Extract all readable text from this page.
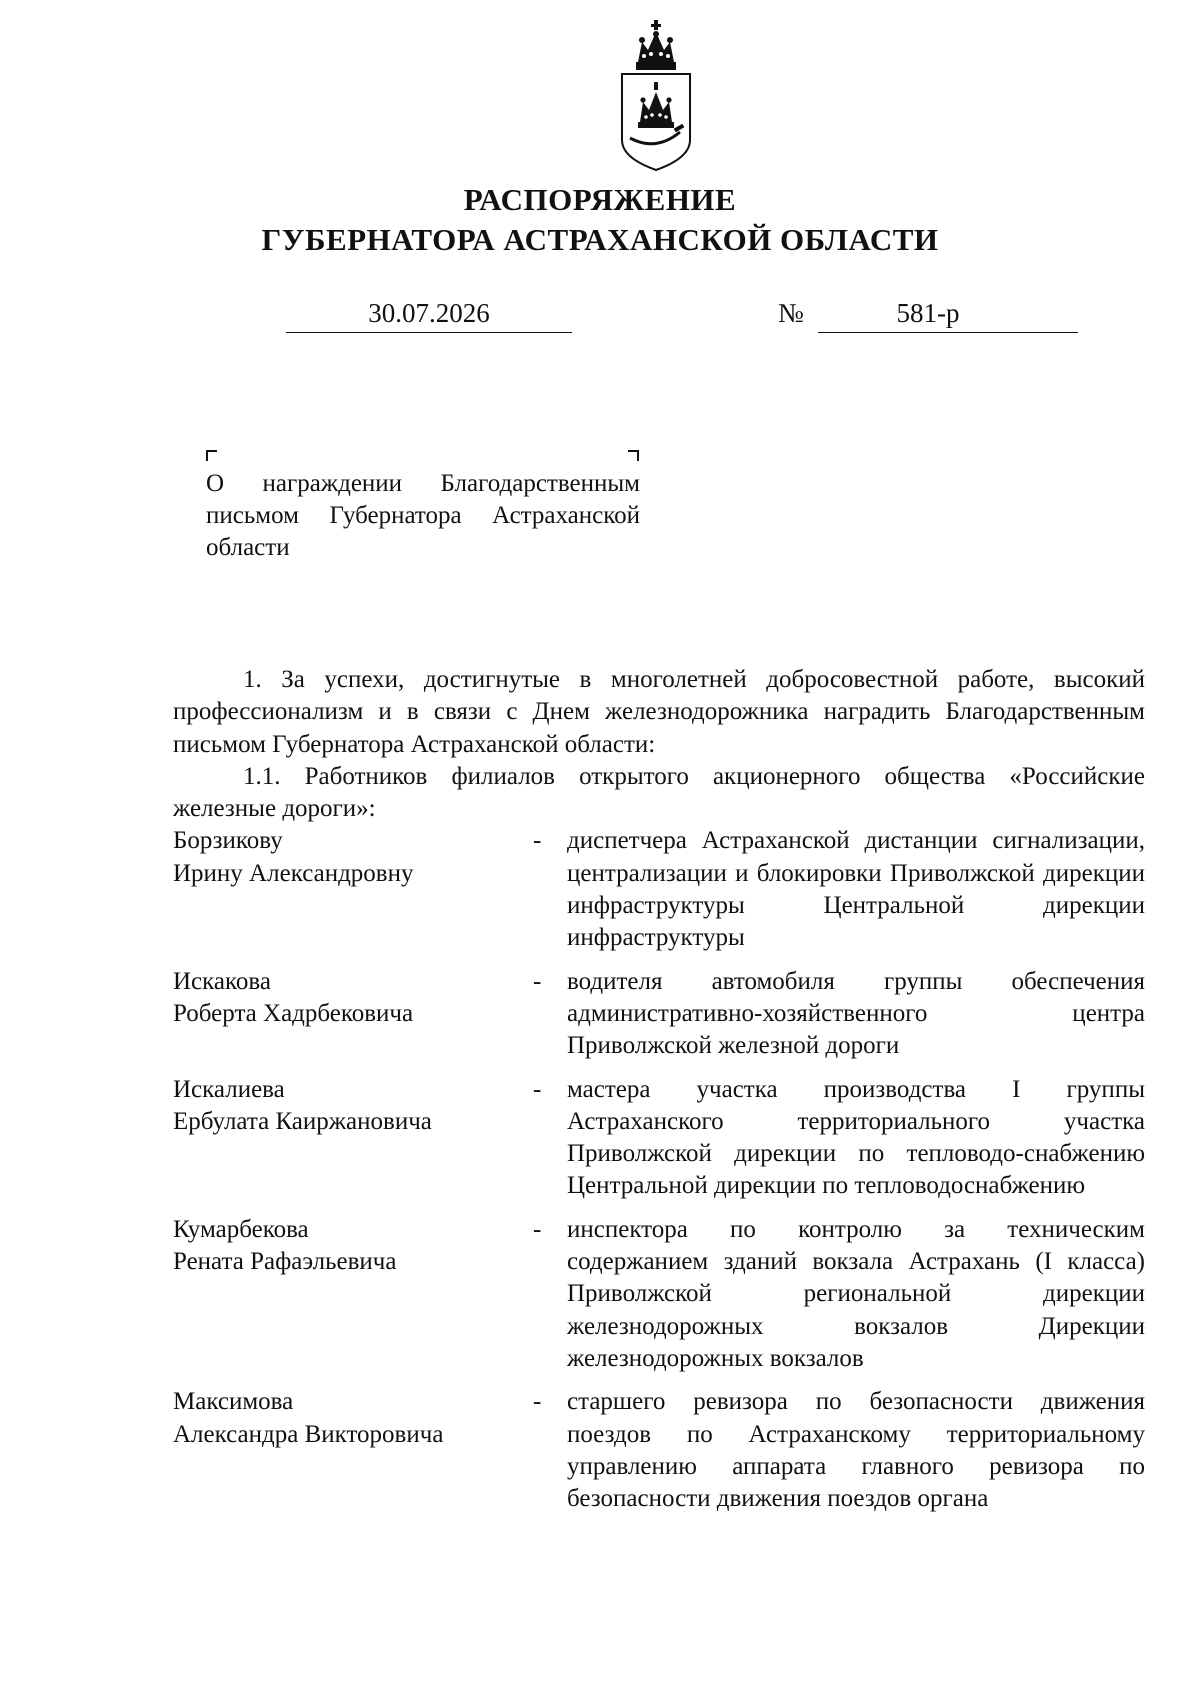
РАСПОРЯЖЕНИЕ
ГУБЕРНАТОРА АСТРАХАНСКОЙ ОБЛАСТИ
30.07.2026	№	581-р
О награждении Благодарственным письмом Губернатора Астраханской области

1. За успехи, достигнутые в многолетней добросовестной работе, высокий профессионализм и в связи с Днем железнодорожника наградить Благодарственным письмом Губернатора Астраханской области:

1.1. Работников филиалов открытого акционерного общества «Российские железные дороги»:

Борзикову
Ирину Александровну
-	диспетчера Астраханской дистанции сигнализации, централизации и блокировки Приволжской дирекции инфраструктуры Центральной дирекции инфраструктуры
Искакова
Роберта Хадрбековича
-	водителя автомобиля группы обеспечения административно-хозяйственного центра Приволжской железной дороги
Искалиева
Ербулата Каиржановича
-	мастера участка производства I группы Астраханского территориального участка Приволжской дирекции по тепловодо-снабжению Центральной дирекции по тепловодоснабжению
Кумарбекова
Рената Рафаэльевича
-	инспектора по контролю за техническим содержанием зданий вокзала Астрахань (I класса) Приволжской региональной дирекции железнодорожных вокзалов Дирекции железнодорожных вокзалов
Максимова
Александра Викторовича
-	старшего ревизора по безопасности движения поездов по Астраханскому территориальному управлению аппарата главного ревизора по безопасности движения поездов органа
